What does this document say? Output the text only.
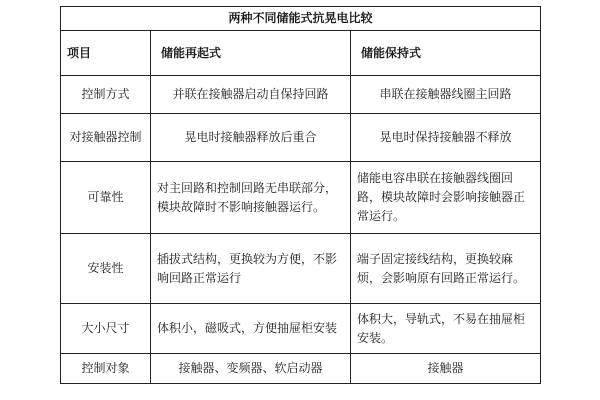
两种不同储能式抗晃电比较		
项目	储能再起式	储能保持式
控制方式	并联在接触器启动自保持回路	串联在接触器线圈主回路
对接触器控制	晃电时接触器释放后重合	晃电时保持接触器不释放
可靠性	对主回路和控制回路无串联部分，模块故障时不影响接触器运行。	储能电容串联在接触器线圈回路，模块故障时会影响接触器正常运行。
安装性	插拔式结构，更换较为方便，不影响回路正常运行	端子固定接线结构，更换较麻烦，会影响原有回路正常运行。
大小尺寸	体积小，磁吸式，方便抽屉柜安装	体积大，导轨式，不易在抽屉柜安装。
控制对象	接触器、变频器、软启动器	接触器
